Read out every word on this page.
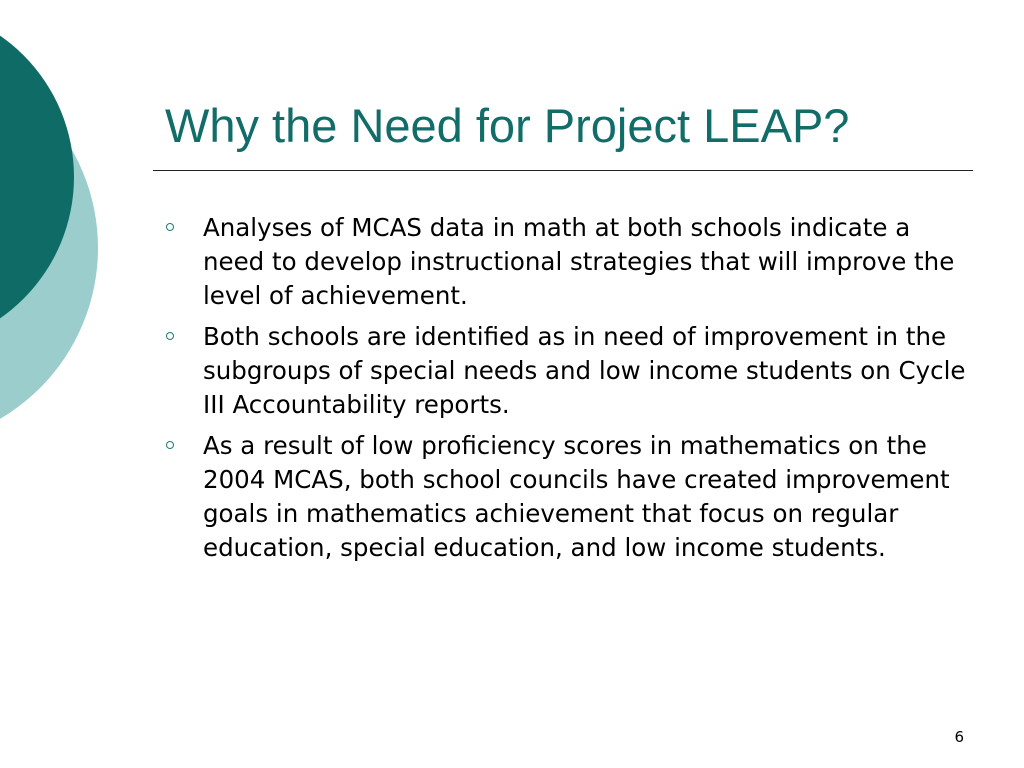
Why the Need for Project LEAP?
Analyses of MCAS data in math at both schools indicate a need to develop instructional strategies that will improve the level of achievement.
Both schools are identified as in need of improvement in the subgroups of special needs and low income students on Cycle III Accountability reports.
As a result of low proficiency scores in mathematics on the 2004 MCAS, both school councils have created improvement goals in mathematics achievement that focus on regular education, special education, and low income students.
6
